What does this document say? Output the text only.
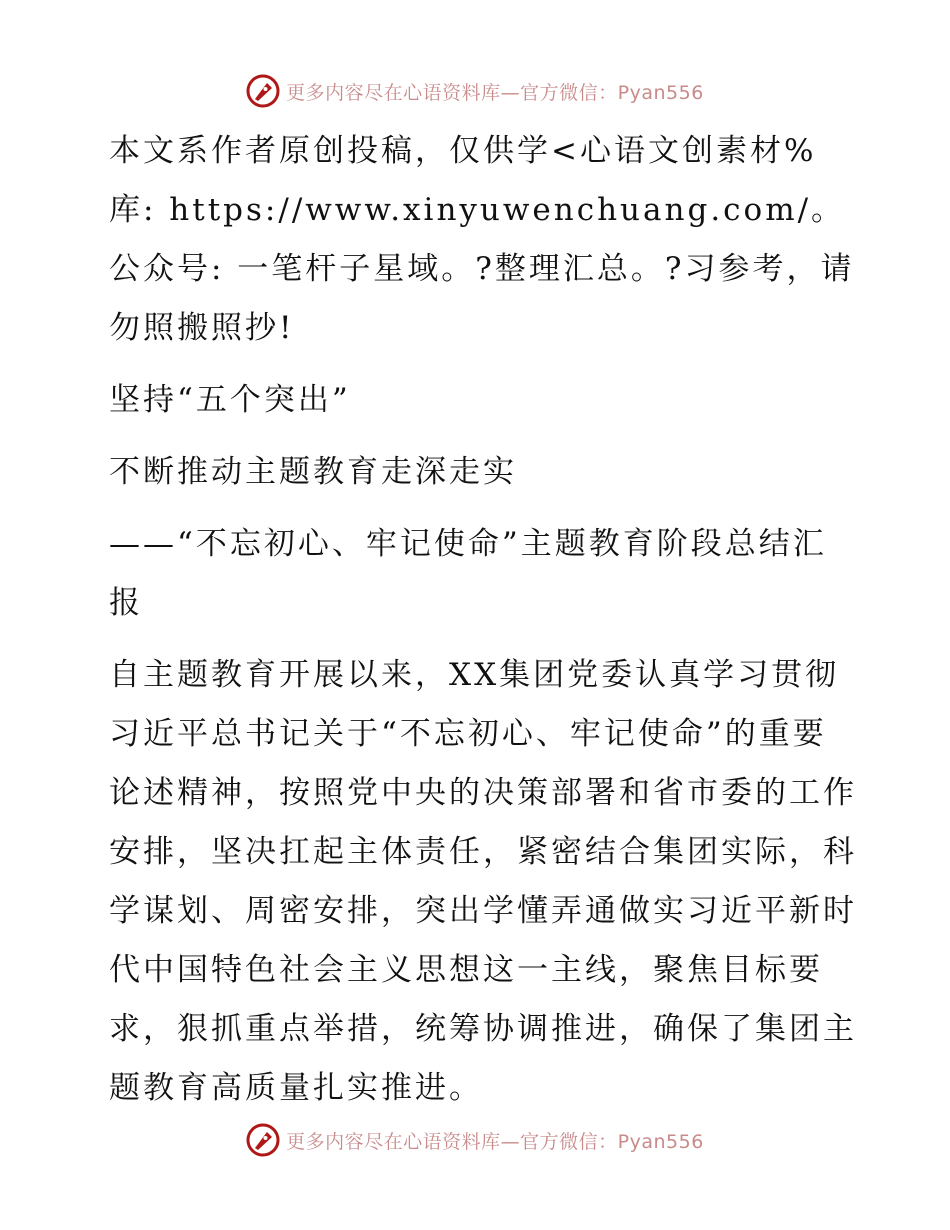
更多内容尽在心语资料库—官方微信：Pyan556

本文系作者原创投稿，仅供学<心语文创素材%库: https://www.xinyuwenchuang.com/。公众号: 一笔杆子星域。?整理汇总。?习参考，请勿照搬照抄!

坚持“五个突出”

不断推动主题教育走深走实

——“不忘初心、牢记使命”主题教育阶段总结汇报

自主题教育开展以来，XX集团党委认真学习贯彻习近平总书记关于“不忘初心、牢记使命”的重要论述精神，按照党中央的决策部署和省市委的工作安排，坚决扛起主体责任，紧密结合集团实际，科学谋划、周密安排，突出学懂弄通做实习近平新时代中国特色社会主义思想这一主线，聚焦目标要求，狠抓重点举措，统筹协调推进，确保了集团主题教育高质量扎实推进。

更多内容尽在心语资料库—官方微信：Pyan556
